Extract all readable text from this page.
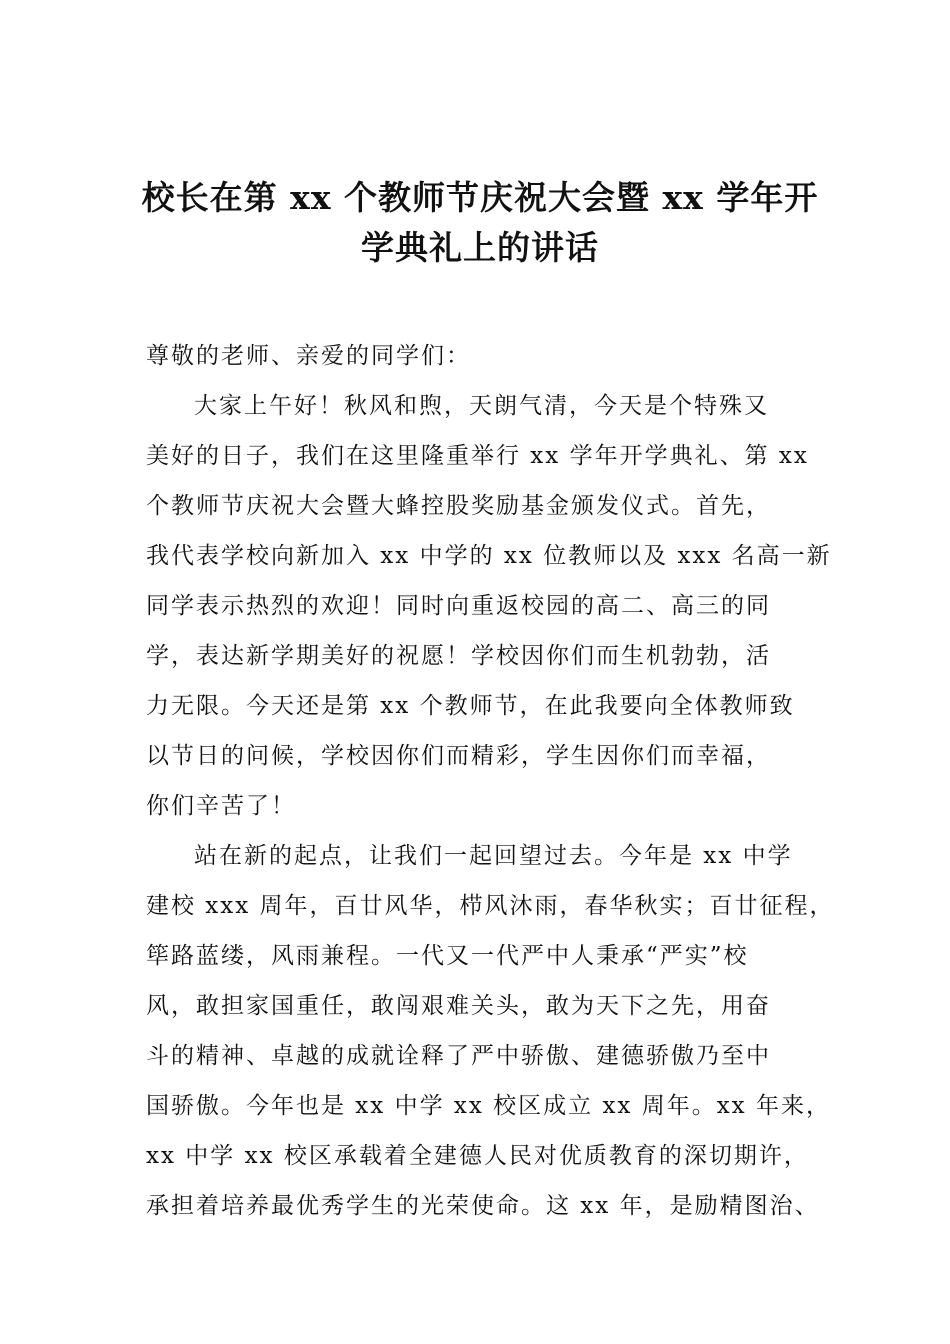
校长在第 xx 个教师节庆祝大会暨 xx 学年开
学典礼上的讲话
尊敬的老师、亲爱的同学们：
大家上午好！秋风和煦，天朗气清，今天是个特殊又
美好的日子，我们在这里隆重举行 xx 学年开学典礼、第 xx
个教师节庆祝大会暨大蜂控股奖励基金颁发仪式。首先，
我代表学校向新加入 xx 中学的 xx 位教师以及 xxx 名高一新
同学表示热烈的欢迎！同时向重返校园的高二、高三的同
学，表达新学期美好的祝愿！学校因你们而生机勃勃，活
力无限。今天还是第 xx 个教师节，在此我要向全体教师致
以节日的问候，学校因你们而精彩，学生因你们而幸福，
你们辛苦了！
站在新的起点，让我们一起回望过去。今年是 xx 中学
建校 xxx 周年，百廿风华，栉风沐雨，春华秋实；百廿征程，
筚路蓝缕，风雨兼程。一代又一代严中人秉承“严实”校
风，敢担家国重任，敢闯艰难关头，敢为天下之先，用奋
斗的精神、卓越的成就诠释了严中骄傲、建德骄傲乃至中
国骄傲。今年也是 xx 中学 xx 校区成立 xx 周年。xx 年来，
xx 中学 xx 校区承载着全建德人民对优质教育的深切期许，
承担着培养最优秀学生的光荣使命。这 xx 年，是励精图治、
